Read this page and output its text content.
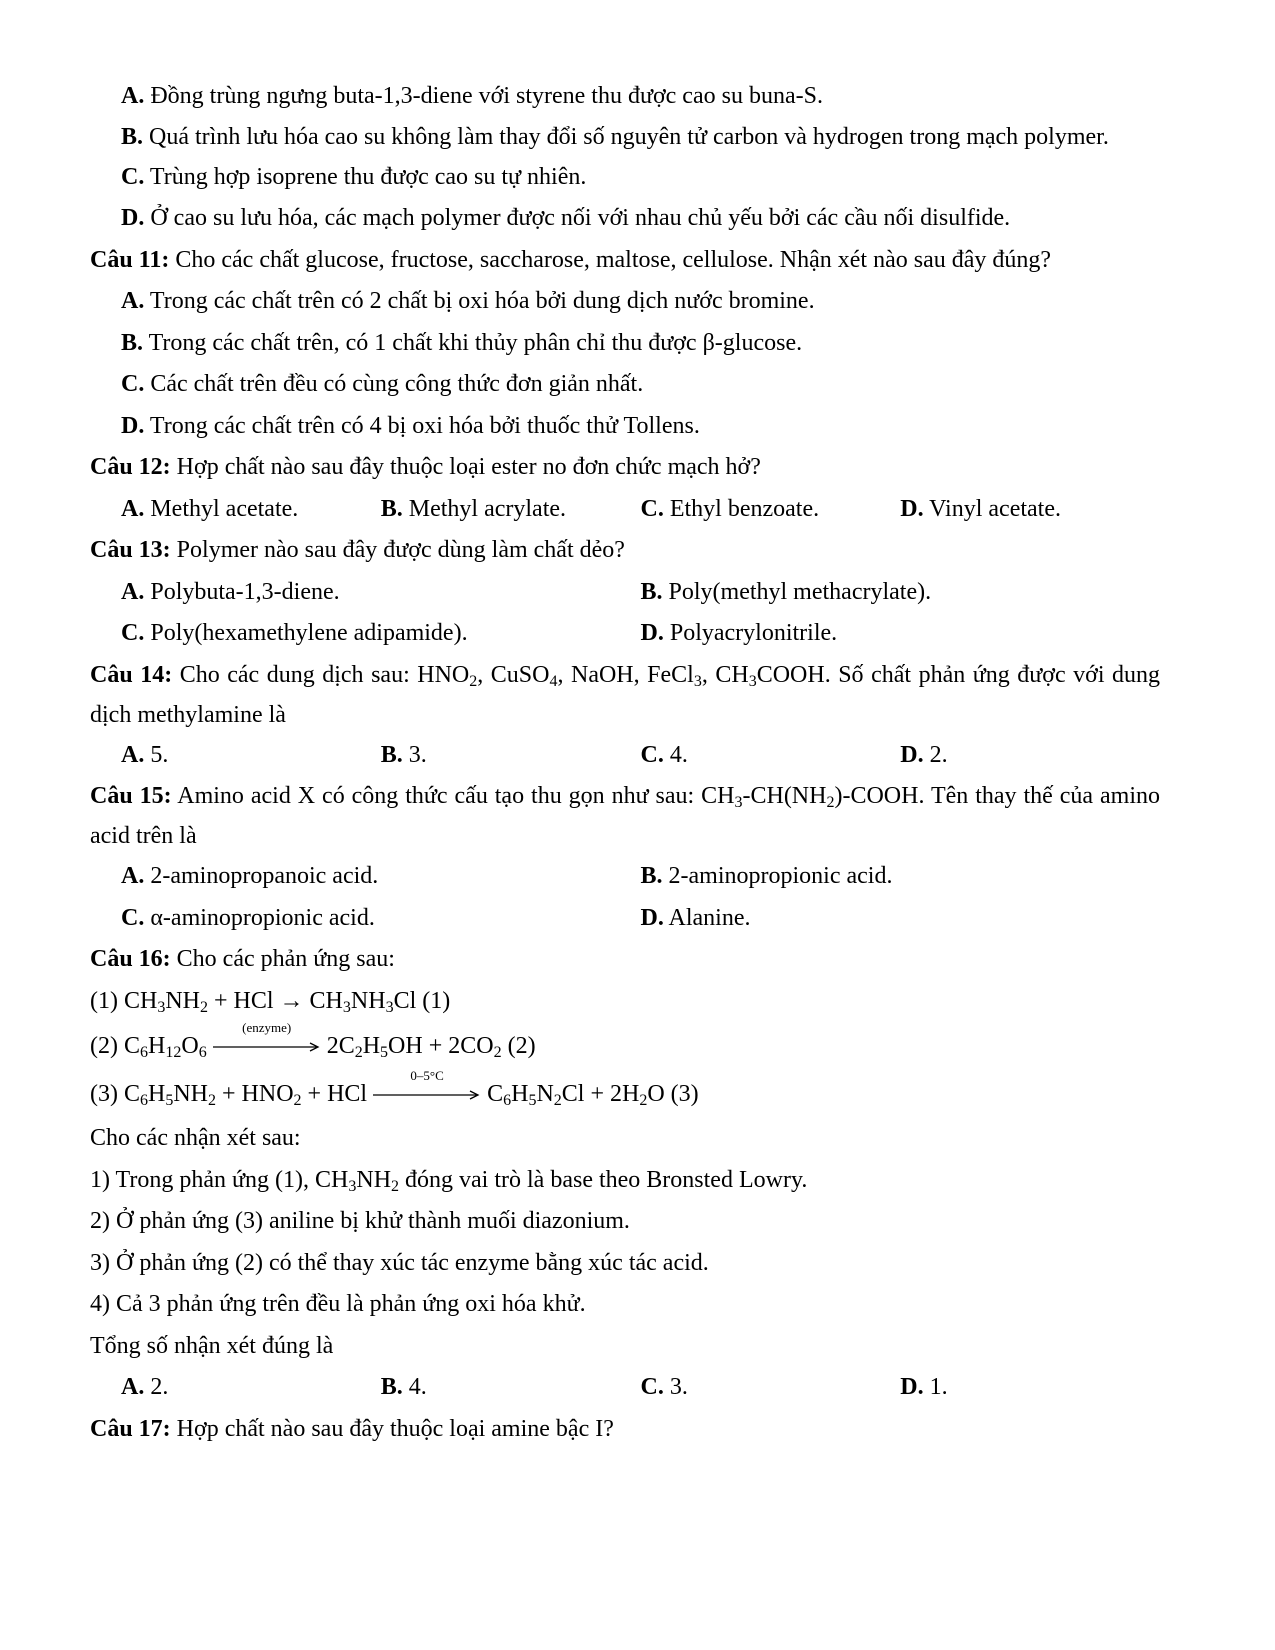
A. Đồng trùng ngưng buta-1,3-diene với styrene thu được cao su buna-S.
B. Quá trình lưu hóa cao su không làm thay đổi số nguyên tử carbon và hydrogen trong mạch polymer.
C. Trùng hợp isoprene thu được cao su tự nhiên.
D. Ở cao su lưu hóa, các mạch polymer được nối với nhau chủ yếu bởi các cầu nối disulfide.
Câu 11: Cho các chất glucose, fructose, saccharose, maltose, cellulose. Nhận xét nào sau đây đúng?
A. Trong các chất trên có 2 chất bị oxi hóa bởi dung dịch nước bromine.
B. Trong các chất trên, có 1 chất khi thủy phân chỉ thu được β-glucose.
C. Các chất trên đều có cùng công thức đơn giản nhất.
D. Trong các chất trên có 4 bị oxi hóa bởi thuốc thử Tollens.
Câu 12: Hợp chất nào sau đây thuộc loại ester no đơn chức mạch hở?
A. Methyl acetate.	B. Methyl acrylate.	C. Ethyl benzoate.	D. Vinyl acetate.
Câu 13: Polymer nào sau đây được dùng làm chất dẻo?
A. Polybuta-1,3-diene.	B. Poly(methyl methacrylate).
C. Poly(hexamethylene adipamide).	D. Polyacrylonitrile.
Câu 14: Cho các dung dịch sau: $HNO_2$, CuSO$_4$, NaOH, FeCl$_3$, $CH_3COOH$. Số chất phản ứng được với dung dịch methylamine là
A. 5.	B. 3.	C. 4.	D. 2.
Câu 15: Amino acid X có công thức cấu tạo thu gọn như sau: $CH_3-CH(NH_2)$-COOH. Tên thay thế của amino acid trên là
A. 2-aminopropanoic acid.	B. 2-aminopropionic acid.
C. α-aminopropionic acid.	D. Alanine.
Câu 16: Cho các phản ứng sau:
(1) $CH_3NH_2$ + HCl → $CH_3NH_3Cl$ (1)
(2) $C_6H_{12}O_6$
(enzyme)
$2C_2H_5OH + 2CO_2$ (2)
(3) $C_6H_5NH_2 + HNO_2$ + HCl
0–5°C
$C_6H_5N_2Cl + 2H_2O$ (3)
Cho các nhận xét sau:
1) Trong phản ứng (1), $CH_3NH_2$ đóng vai trò là base theo Bronsted Lowry.
2) Ở phản ứng (3) aniline bị khử thành muối diazonium.
3) Ở phản ứng (2) có thể thay xúc tác enzyme bằng xúc tác acid.
4) Cả 3 phản ứng trên đều là phản ứng oxi hóa khử.
Tổng số nhận xét đúng là
A. 2.	B. 4.	C. 3.	D. 1.
Câu 17: Hợp chất nào sau đây thuộc loại amine bậc I?
